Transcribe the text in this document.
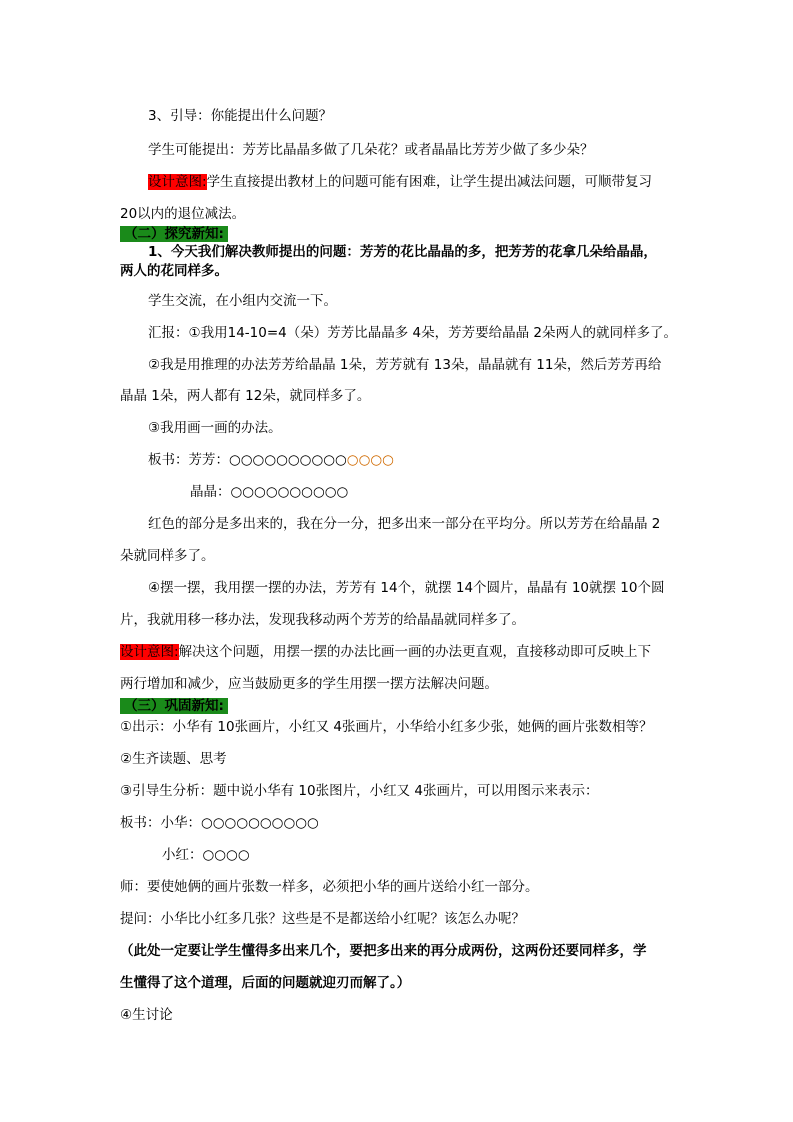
3、引导：你能提出什么问题？
学生可能提出：芳芳比晶晶多做了几朵花？或者晶晶比芳芳少做了多少朵？
设计意图:学生直接提出教材上的问题可能有困难，让学生提出减法问题，可顺带复习
20以内的退位减法。
（二）探究新知:
1、今天我们解决教师提出的问题：芳芳的花比晶晶的多，把芳芳的花拿几朵给晶晶，
两人的花同样多。
学生交流，在小组内交流一下。
汇报：①我用14-10=4（朵）芳芳比晶晶多 4朵，芳芳要给晶晶 2朵两人的就同样多了。
②我是用推理的办法芳芳给晶晶 1朵，芳芳就有 13朵，晶晶就有 11朵，然后芳芳再给
晶晶 1朵，两人都有 12朵，就同样多了。
③我用画一画的办法。
板书：芳芳：○○○○○○○○○○○○○○
晶晶：○○○○○○○○○○
红色的部分是多出来的，我在分一分，把多出来一部分在平均分。所以芳芳在给晶晶 2
朵就同样多了。
④摆一摆，我用摆一摆的办法，芳芳有 14个，就摆 14个圆片，晶晶有 10就摆 10个圆
片，我就用移一移办法，发现我移动两个芳芳的给晶晶就同样多了。
设计意图:解决这个问题，用摆一摆的办法比画一画的办法更直观，直接移动即可反映上下
两行增加和减少，应当鼓励更多的学生用摆一摆方法解决问题。
（三）巩固新知:
①出示：小华有 10张画片，小红又 4张画片，小华给小红多少张，她俩的画片张数相等？
②生齐读题、思考
③引导生分析：题中说小华有 10张图片，小红又 4张画片，可以用图示来表示：
板书：小华：○○○○○○○○○○
小红：○○○○
师：要使她俩的画片张数一样多，必须把小华的画片送给小红一部分。
提问：小华比小红多几张？这些是不是都送给小红呢？该怎么办呢？
（此处一定要让学生懂得多出来几个，要把多出来的再分成两份，这两份还要同样多，学
生懂得了这个道理，后面的问题就迎刃而解了。）
④生讨论
